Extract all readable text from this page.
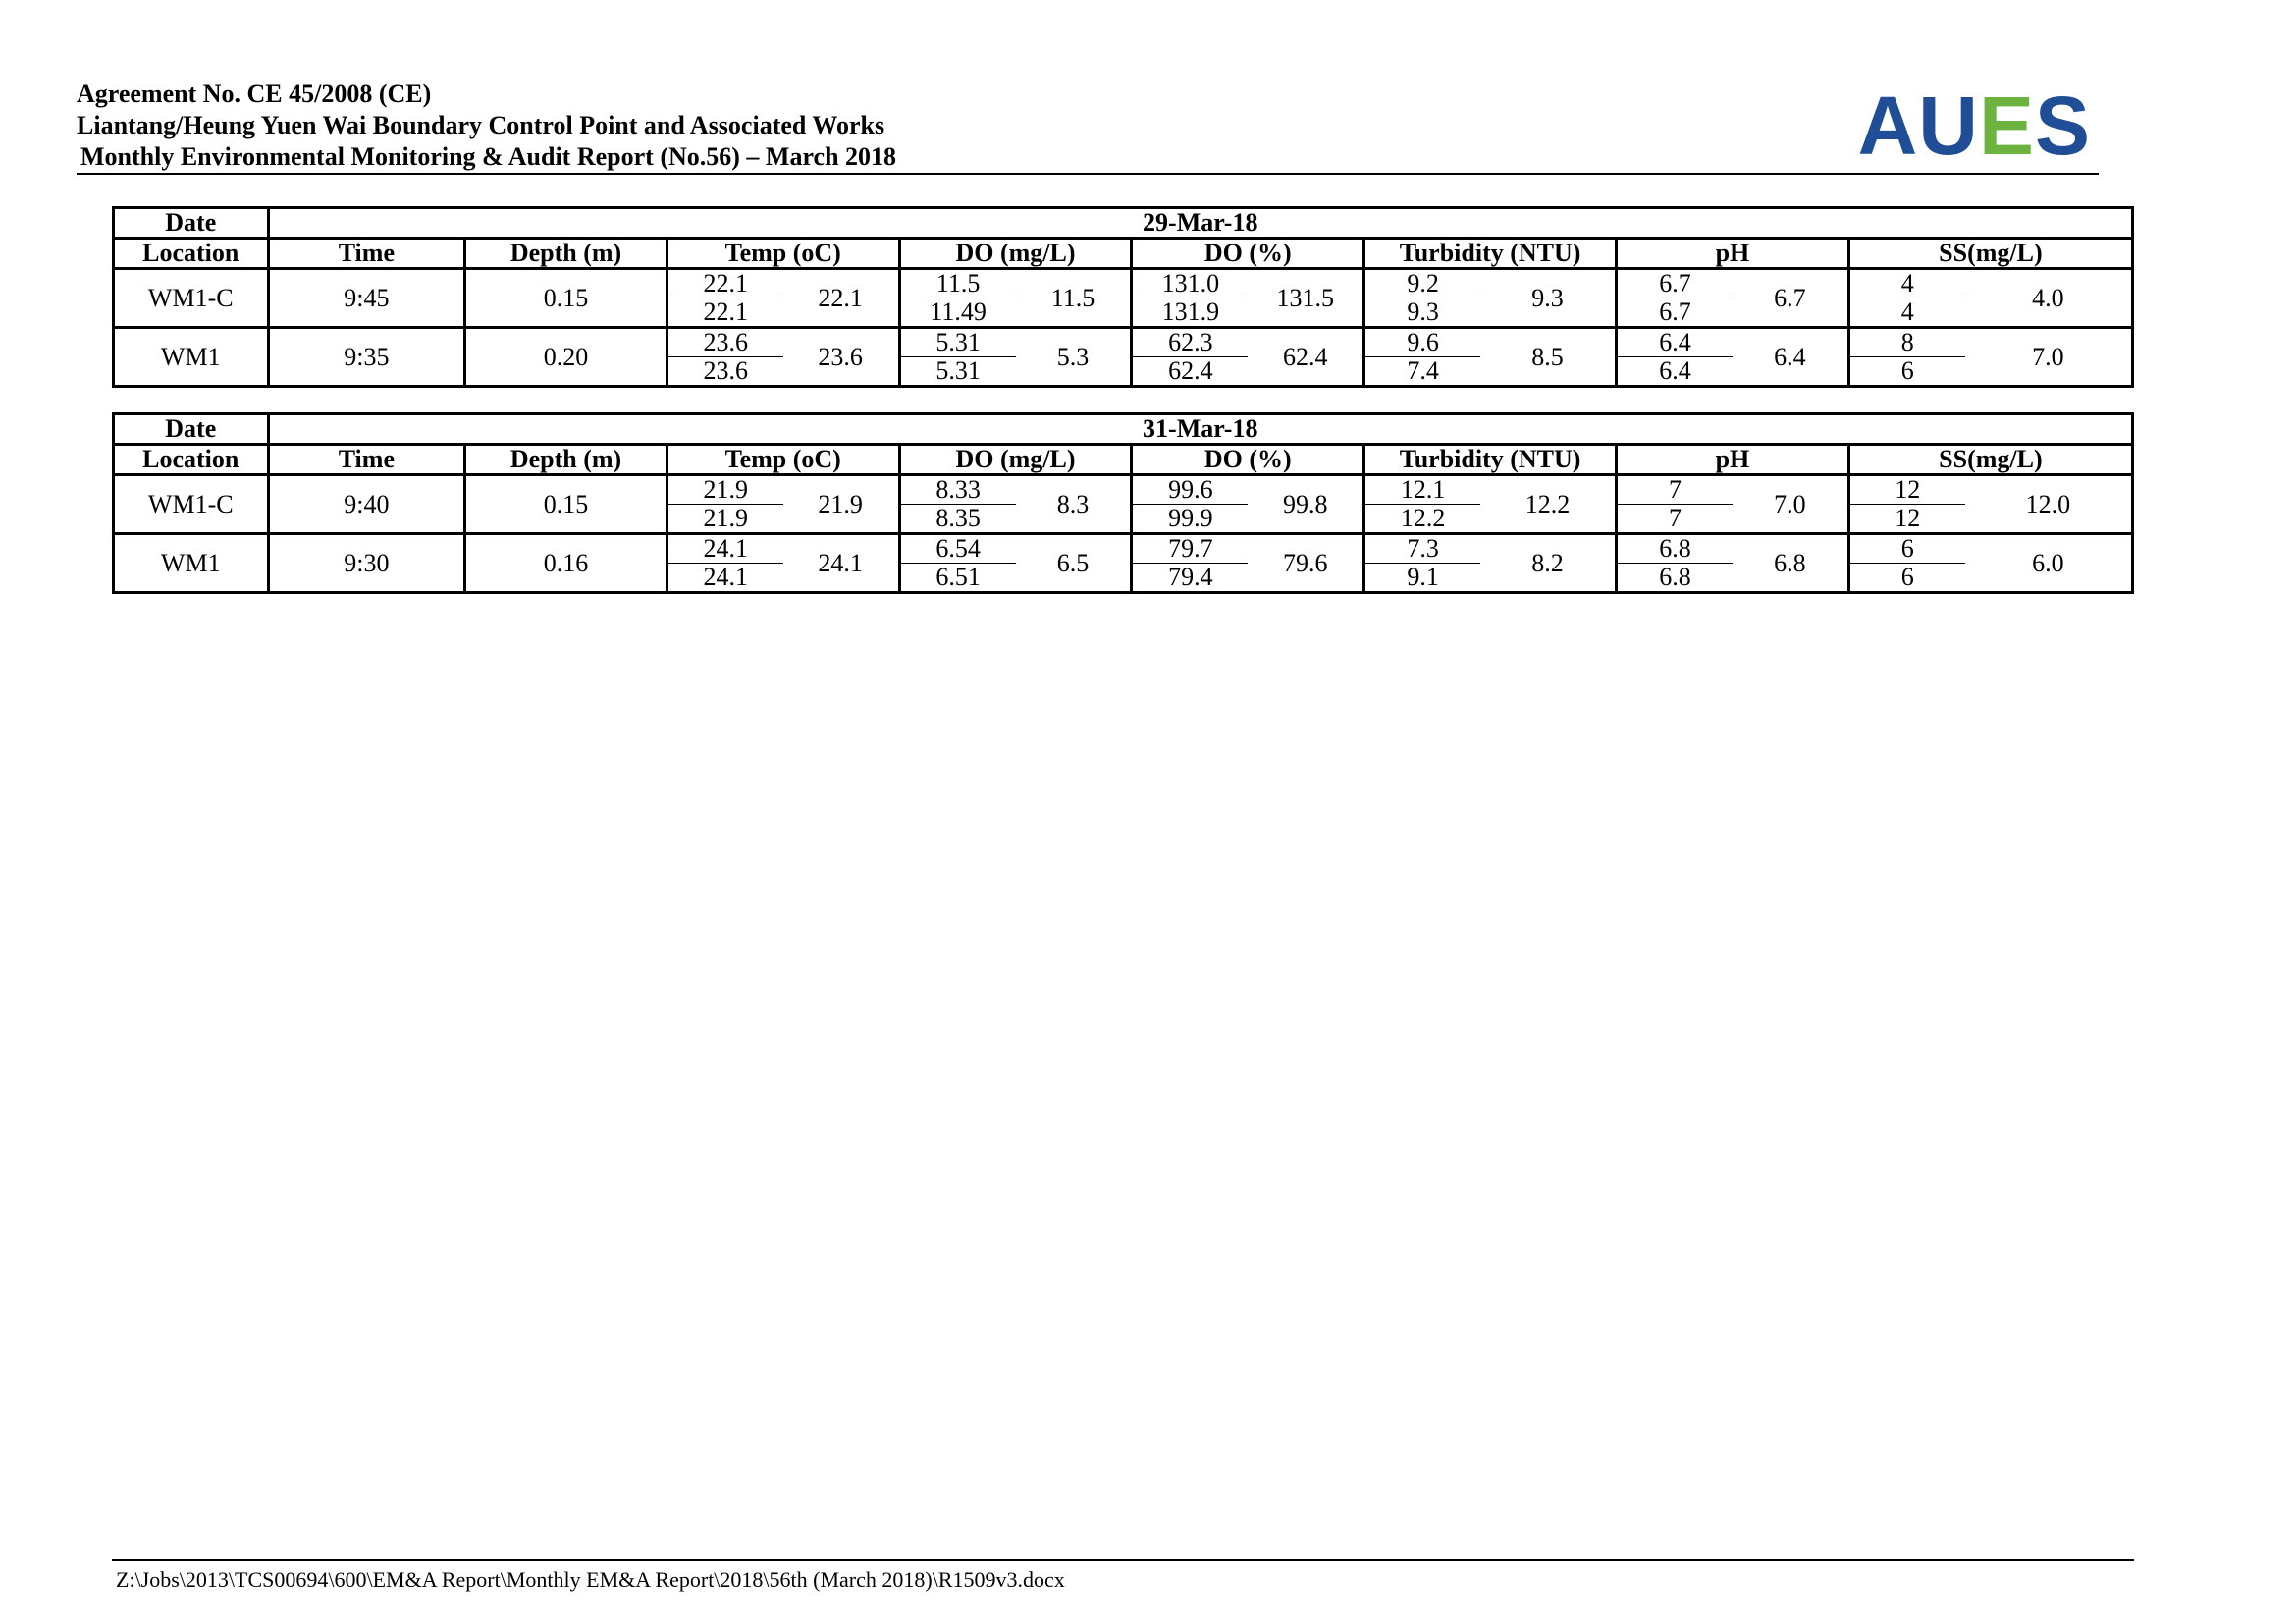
Agreement No. CE 45/2008 (CE)
Liantang/Heung Yuen Wai Boundary Control Point and Associated Works
Monthly Environmental Monitoring & Audit Report (No.56) – March 2018	AUES
Date	29-Mar-18													
Location	Time	Depth (m)	Temp (oC)		DO (mg/L)		DO (%)		Turbidity (NTU)		pH		SS(mg/L)	
WM1-C	9:45	0.15	22.1	22.1	11.5	11.5	131.0	131.5	9.2	9.3	6.7	6.7	4	4.0
			22.1		11.49		131.9		9.3		6.7		4	
WM1	9:35	0.20	23.6	23.6	5.31	5.3	62.3	62.4	9.6	8.5	6.4	6.4	8	7.0
			23.6		5.31		62.4		7.4		6.4		6	
Date	31-Mar-18													
Location	Time	Depth (m)	Temp (oC)		DO (mg/L)		DO (%)		Turbidity (NTU)		pH		SS(mg/L)	
WM1-C	9:40	0.15	21.9	21.9	8.33	8.3	99.6	99.8	12.1	12.2	7	7.0	12	12.0
			21.9		8.35		99.9		12.2		7		12	
WM1	9:30	0.16	24.1	24.1	6.54	6.5	79.7	79.6	7.3	8.2	6.8	6.8	6	6.0
			24.1		6.51		79.4		9.1		6.8		6	
Z:\Jobs\2013\TCS00694\600\EM&A Report\Monthly EM&A Report\2018\56th (March 2018)\R1509v3.docx
